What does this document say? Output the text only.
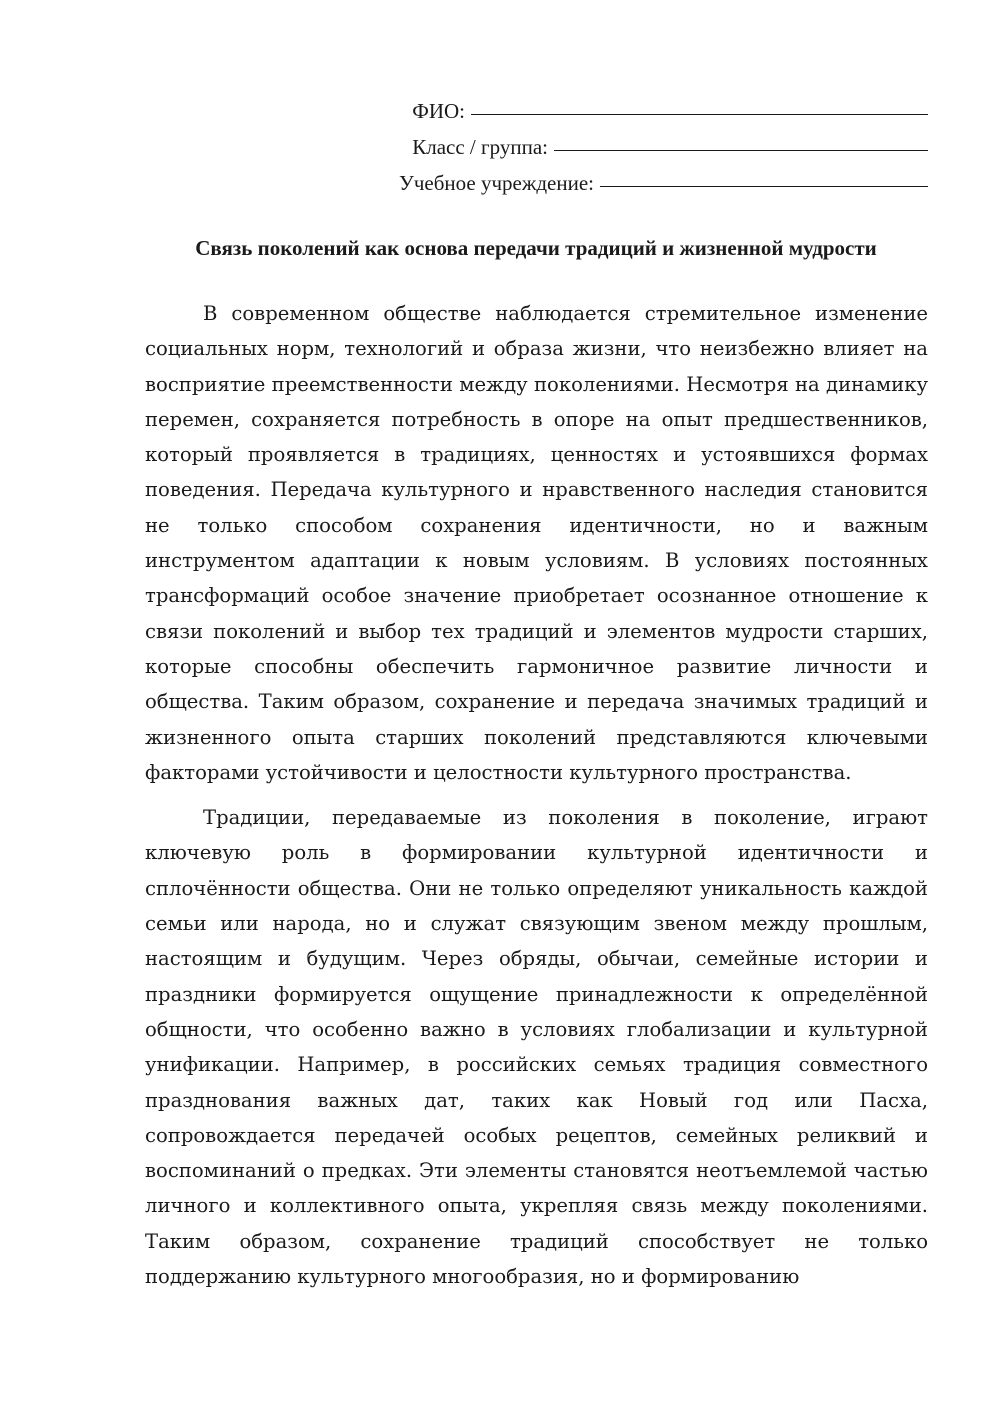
ФИО:
Класс / группа:
Учебное учреждение:
Связь поколений как основа передачи традиций и жизненной мудрости

В современном обществе наблюдается стремительное изменение социальных норм, технологий и образа жизни, что неизбежно влияет на восприятие преемственности между поколениями. Несмотря на динамику перемен, сохраняется потребность в опоре на опыт предшественников, который проявляется в традициях, ценностях и устоявшихся формах поведения. Передача культурного и нравственного наследия становится не только способом сохранения идентичности, но и важным инструментом адаптации к новым условиям. В условиях постоянных трансформаций особое значение приобретает осознанное отношение к связи поколений и выбор тех традиций и элементов мудрости старших, которые способны обеспечить гармоничное развитие личности и общества. Таким образом, сохранение и передача значимых традиций и жизненного опыта старших поколений представляются ключевыми факторами устойчивости и целостности культурного пространства.

Традиции, передаваемые из поколения в поколение, играют ключевую роль в формировании культурной идентичности и сплочённости общества. Они не только определяют уникальность каждой семьи или народа, но и служат связующим звеном между прошлым, настоящим и будущим. Через обряды, обычаи, семейные истории и праздники формируется ощущение принадлежности к определённой общности, что особенно важно в условиях глобализации и культурной унификации. Например, в российских семьях традиция совместного празднования важных дат, таких как Новый год или Пасха, сопровождается передачей особых рецептов, семейных реликвий и воспоминаний о предках. Эти элементы становятся неотъемлемой частью личного и коллективного опыта, укрепляя связь между поколениями. Таким образом, сохранение традиций способствует не только поддержанию культурного многообразия, но и формированию
